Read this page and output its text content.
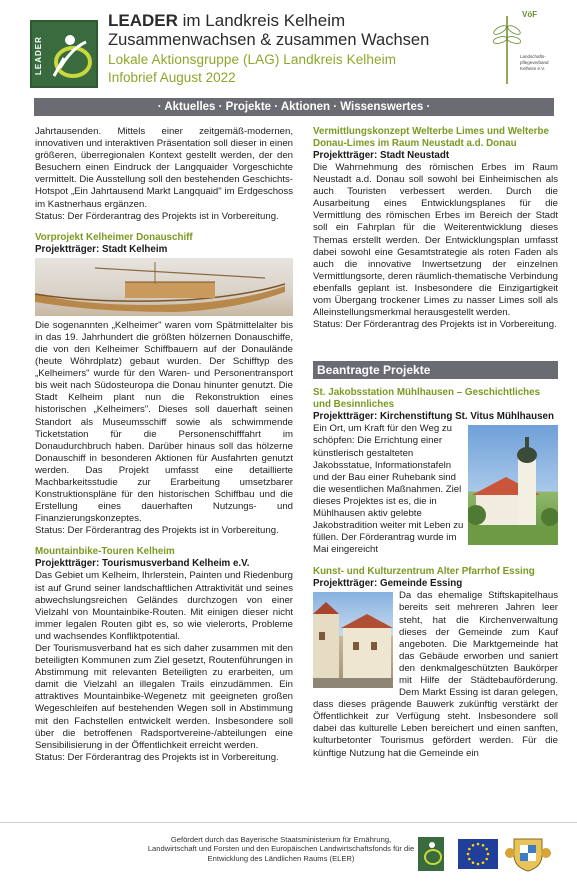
LEADER
LEADER im Landkreis Kelheim
Zusammenwachsen & zusammen Wachsen
Lokale Aktionsgruppe (LAG) Landkreis Kelheim
Infobrief August 2022
VöF
Landschafts-pflegeverband Kelheim e.V.
· Aktuelles · Projekte · Aktionen · Wissenswertes ·

Jahrtausenden. Mittels einer zeitgemäß-modernen, innovativen und interaktiven Präsentation soll dieser in einen größeren, überregionalen Kontext gestellt werden, der den Besuchern einen Eindruck der Langquaider Vorgeschichte vermittelt. Die Ausstellung soll den bestehenden Geschichts-Hotspot „Ein Jahrtausend Markt Langquaid" im Erdgeschoss im Kastnerhaus ergänzen.

Status: Der Förderantrag des Projekts ist in Vorbereitung.

Vorprojekt Kelheimer Donauschiff
Projektträger: Stadt Kelheim

Die sogenannten „Kelheimer" waren vom Spätmittelalter bis in das 19. Jahrhundert die größten hölzernen Donauschiffe, die von den Kelheimer Schiffbauern auf der Donaulände (heute Wöhrdplatz) gebaut wurden. Der Schifftyp des „Kelheimers" wurde für den Waren- und Personentransport bis weit nach Südosteuropa die Donau hinunter genutzt. Die Stadt Kelheim plant nun die Rekonstruktion eines historischen „Kelheimers". Dieses soll dauerhaft seinen Standort als Museumsschiff sowie als schwimmende Ticketstation für die Personenschifffahrt im Donaudurchbruch haben. Darüber hinaus soll das hölzerne Donauschiff in besonderen Aktionen für Ausfahrten genutzt werden. Das Projekt umfasst eine detaillierte Machbarkeitsstudie zur Erarbeitung umsetzbarer Konstruktionspläne für den historischen Schiffbau und die Erstellung eines dauerhaften Nutzungs- und Finanzierungskonzeptes.

Status: Der Förderantrag des Projekts ist in Vorbereitung.

Mountainbike-Touren Kelheim
Projektträger: Tourismusverband Kelheim e.V.

Das Gebiet um Kelheim, Ihrlerstein, Painten und Riedenburg ist auf Grund seiner landschaftlichen Attraktivität und seines abwechslungsreichen Geländes durchzogen von einer Vielzahl von Mountainbike-Routen. Mit einigen dieser nicht immer legalen Routen gibt es, so wie vielerorts, Probleme und wachsendes Konfliktpotential.

Der Tourismusverband hat es sich daher zusammen mit den beteiligten Kommunen zum Ziel gesetzt, Routenführungen in Abstimmung mit relevanten Beteiligten zu erarbeiten, um damit die Vielzahl an illegalen Trails einzudämmen. Ein attraktives Mountainbike-Wegenetz mit geeigneten großen Wegeschleifen auf bestehenden Wegen soll in Abstimmung mit den Fachstellen entwickelt werden. Insbesondere soll über die betroffenen Radsportvereine-/abteilungen eine Sensibilisierung in der Öffentlichkeit erreicht werden.

Status: Der Förderantrag des Projekts ist in Vorbereitung.

Vermittlungskonzept Welterbe Limes und Welterbe Donau-Limes im Raum Neustadt a.d. Donau
Projektträger: Stadt Neustadt

Die Wahrnehmung des römischen Erbes im Raum Neustadt a.d. Donau soll sowohl bei Einheimischen als auch Touristen verbessert werden. Durch die Ausarbeitung eines Entwicklungsplanes für die Vermittlung des römischen Erbes im Bereich der Stadt soll ein Fahrplan für die Weiterentwicklung dieses Themas erstellt werden. Der Entwicklungsplan umfasst dabei sowohl eine Gesamtstrategie als roten Faden als auch die innovative Inwertsetzung der einzelnen Vermittlungsorte, deren räumlich-thematische Verbindung ebenfalls geplant ist. Insbesondere die Einzigartigkeit vom Übergang trockener Limes zu nasser Limes soll als Alleinstellungsmerkmal herausgestellt werden.

Status: Der Förderantrag des Projekts ist in Vorbereitung.

Beantragte Projekte
St. Jakobsstation Mühlhausen – Geschichtliches und Besinnliches
Projektträger: Kirchenstiftung St. Vitus Mühlhausen

Ein Ort, um Kraft für den Weg zu schöpfen: Die Errichtung einer künstlerisch gestalteten Jakobsstatue, Informationstafeln und der Bau einer Ruhebank sind die wesentlichen Maßnahmen. Ziel dieses Projektes ist es, die in Mühlhausen aktiv gelebte Jakobstradition weiter mit Leben zu füllen. Der Förderantrag wurde im Mai eingereicht

Kunst- und Kulturzentrum Alter Pfarrhof Essing
Projektträger: Gemeinde Essing

Da das ehemalige Stiftskapitelhaus bereits seit mehreren Jahren leer steht, hat die Kirchenverwaltung dieses der Gemeinde zum Kauf angeboten. Die Marktgemeinde hat das Gebäude erworben und saniert den denkmalgeschützten Baukörper mit Hilfe der Städtebauförderung. Dem Markt Essing ist daran gelegen, dass dieses prägende Bauwerk zukünftig verstärkt der Öffentlichkeit zur Verfügung steht. Insbesondere soll dabei das kulturelle Leben bereichert und einen sanften, kulturbetonter Tourismus gefördert werden. Für die künftige Nutzung hat die Gemeinde ein

Gefördert durch das Bayerische Staatsministerium für Ernährung, Landwirtschaft und Forsten und den Europäischen Landwirtschaftsfonds für die Entwicklung des Ländlichen Raums (ELER)
